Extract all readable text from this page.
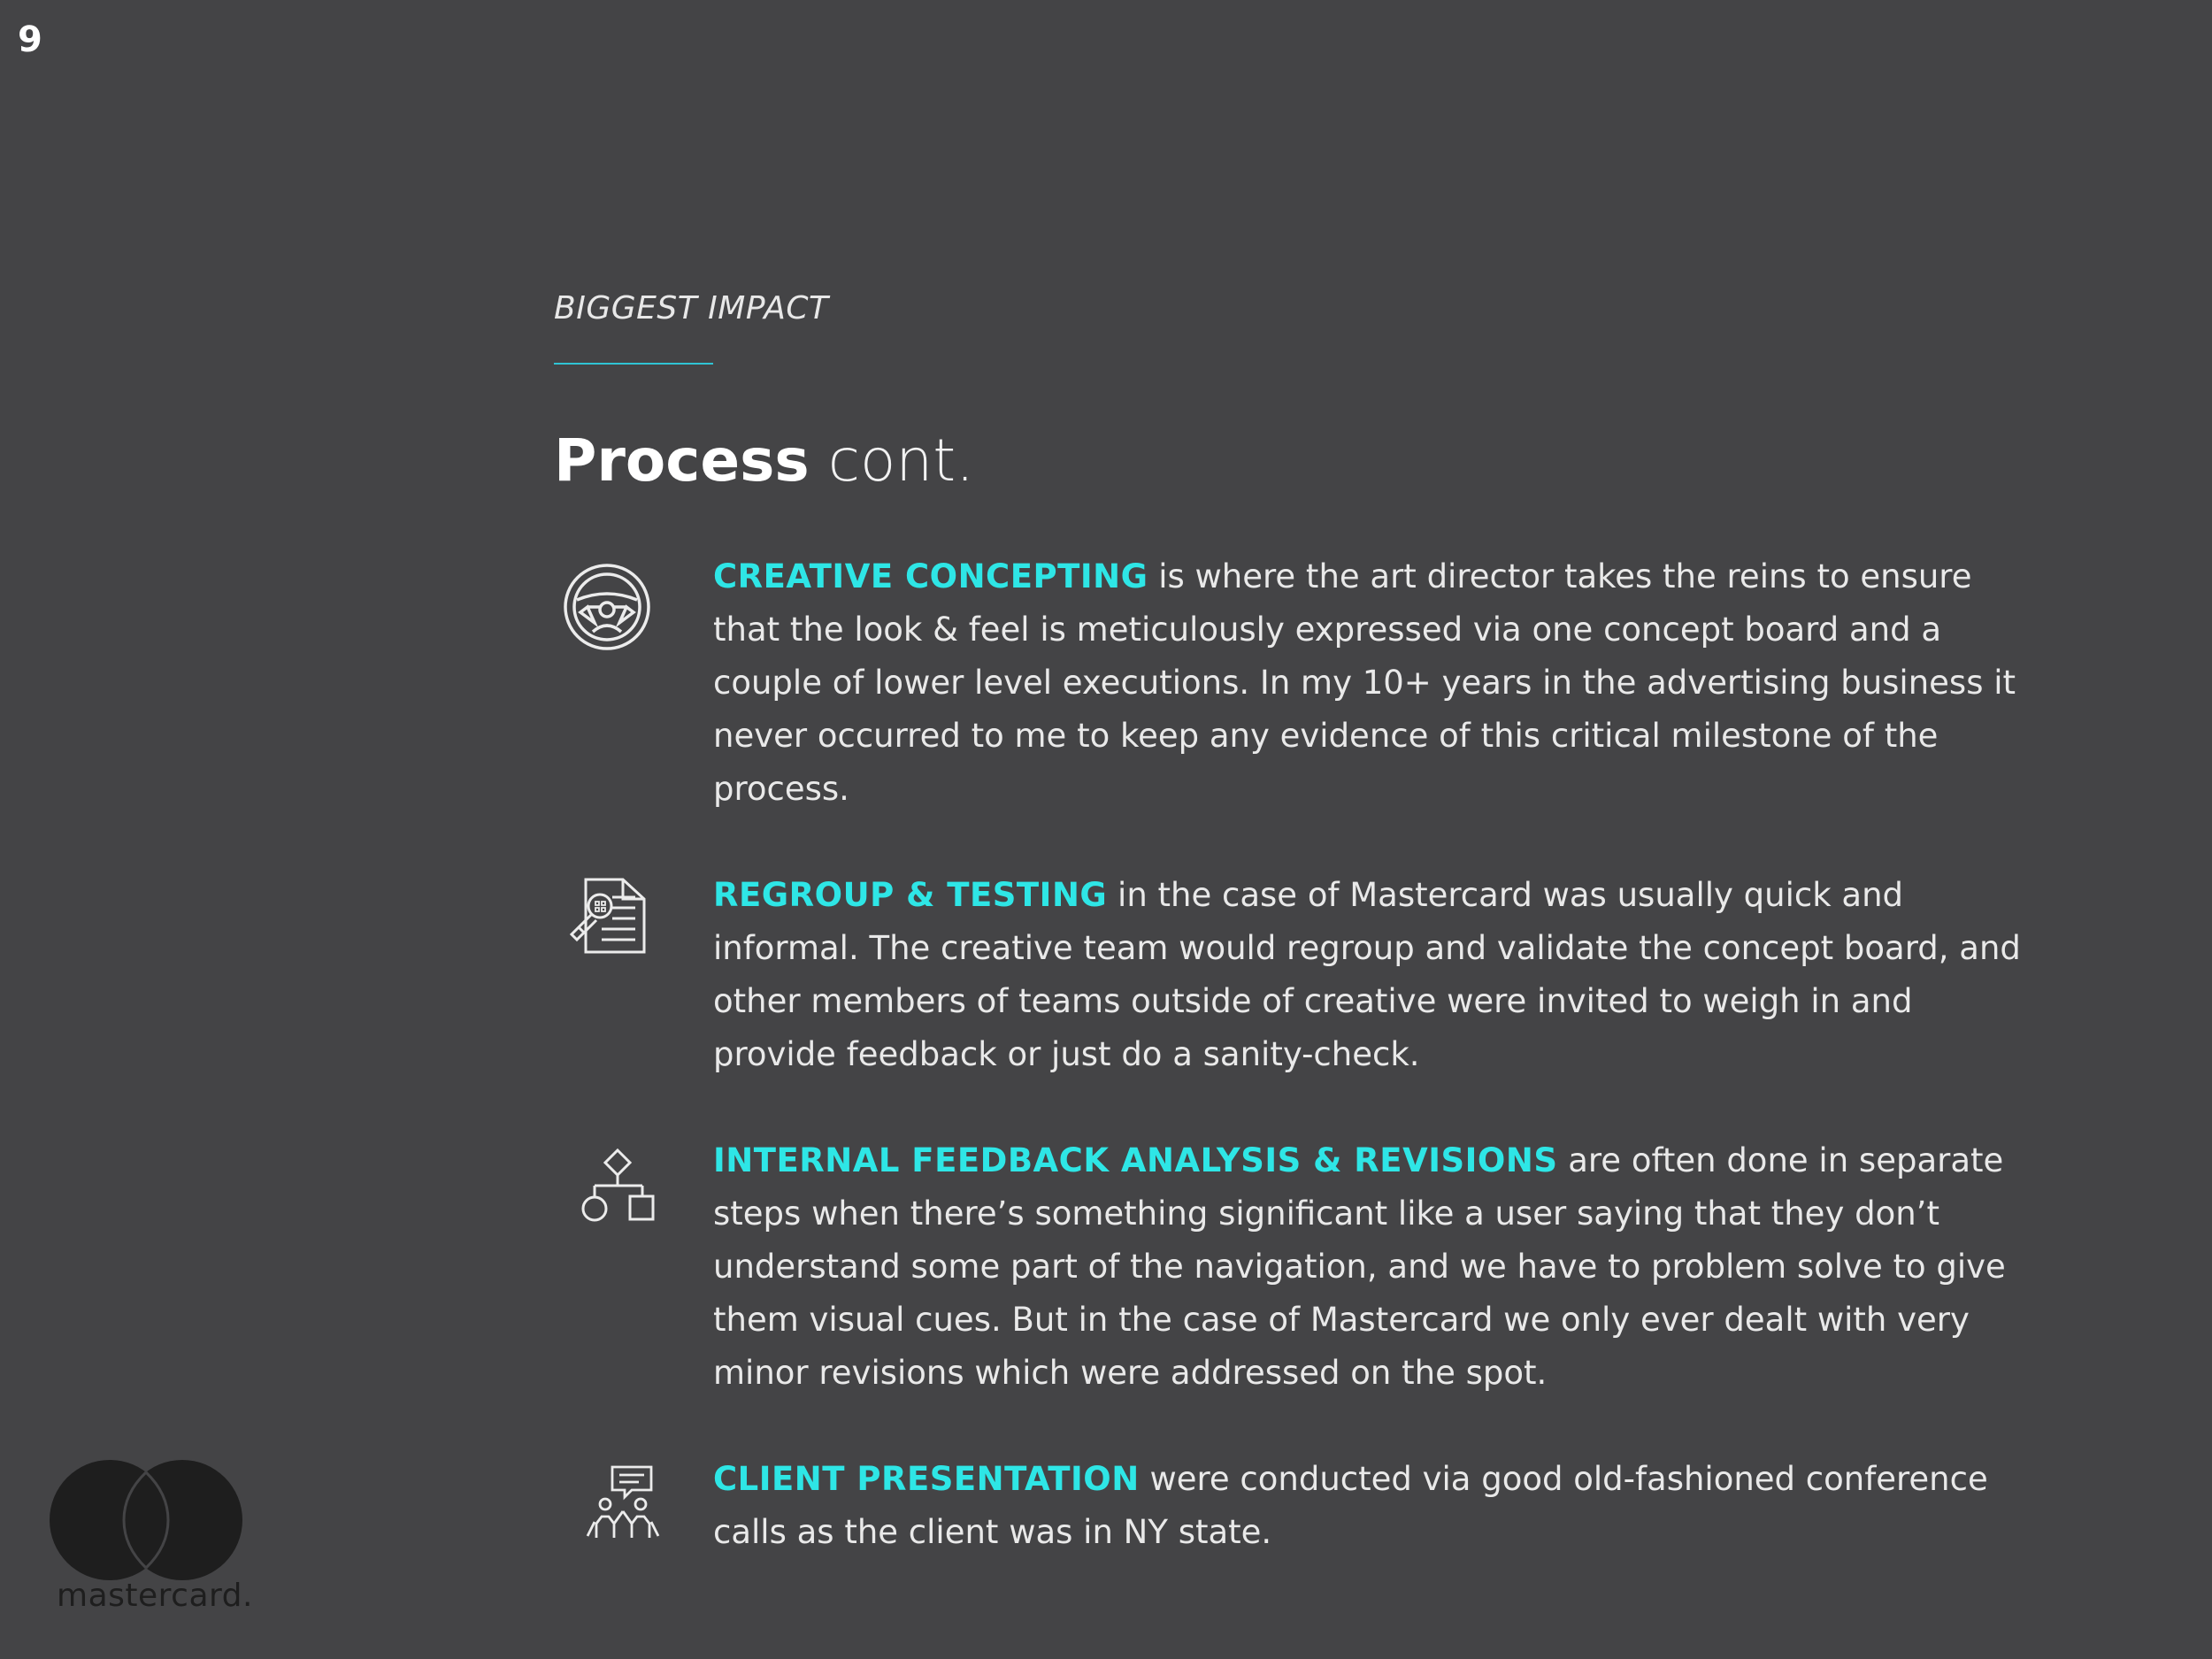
9
BIGGEST IMPACT
Process cont.
CREATIVE CONCEPTING is where the art director takes the reins to ensure that the look & feel is meticulously expressed via one concept board and a couple of lower level executions. In my 10+ years in the advertising business it never occurred to me to keep any evidence of this critical milestone of the process.
REGROUP & TESTING in the case of Mastercard was usually quick and informal. The creative team would regroup and validate the concept board, and other members of teams outside of creative were invited to weigh in and provide feedback or just do a sanity-check.
INTERNAL FEEDBACK ANALYSIS & REVISIONS are often done in separate steps when there’s something significant like a user saying that they don’t understand some part of the navigation, and we have to problem solve to give them visual cues. But in the case of Mastercard we only ever dealt with very minor revisions which were addressed on the spot.
CLIENT PRESENTATION were conducted via good old-fashioned conference calls as the client was in NY state.
mastercard.
